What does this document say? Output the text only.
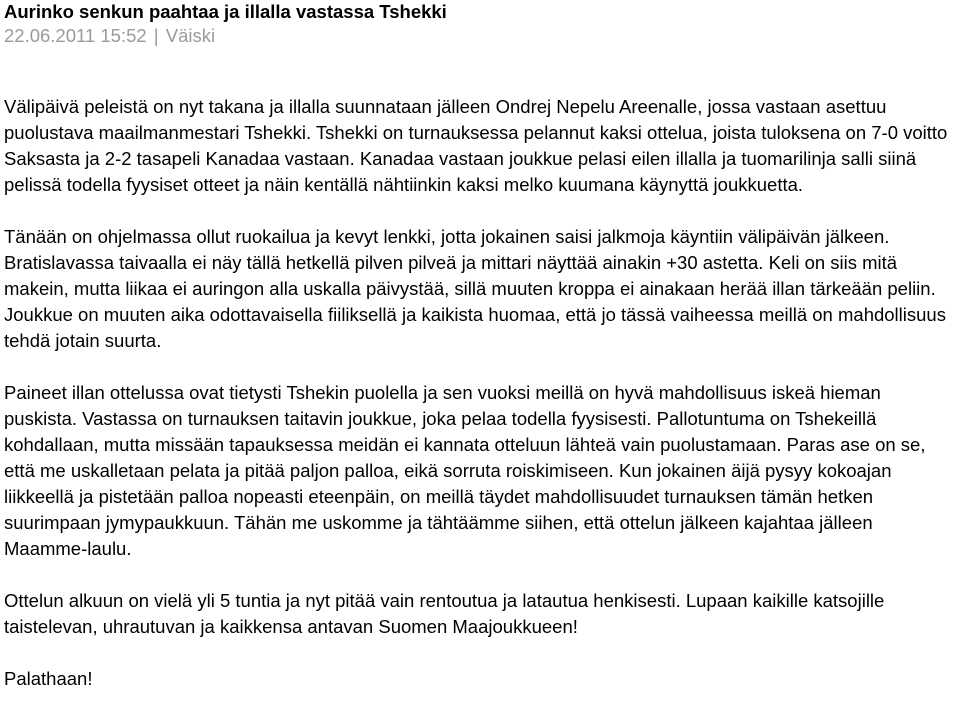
Aurinko senkun paahtaa ja illalla vastassa Tshekki
22.06.2011 15:52 | Väiski

Välipäivä peleistä on nyt takana ja illalla suunnataan jälleen Ondrej Nepelu Areenalle, jossa vastaan asettuu puolustava maailmanmestari Tshekki. Tshekki on turnauksessa pelannut kaksi ottelua, joista tuloksena on 7-0 voitto Saksasta ja 2-2 tasapeli Kanadaa vastaan. Kanadaa vastaan joukkue pelasi eilen illalla ja tuomarilinja salli siinä pelissä todella fyysiset otteet ja näin kentällä nähtiinkin kaksi melko kuumana käynyttä joukkuetta.

Tänään on ohjelmassa ollut ruokailua ja kevyt lenkki, jotta jokainen saisi jalkmoja käyntiin välipäivän jälkeen. Bratislavassa taivaalla ei näy tällä hetkellä pilven pilveä ja mittari näyttää ainakin +30 astetta. Keli on siis mitä makein, mutta liikaa ei auringon alla uskalla päivystää, sillä muuten kroppa ei ainakaan herää illan tärkeään peliin. Joukkue on muuten aika odottavaisella fiiliksellä ja kaikista huomaa, että jo tässä vaiheessa meillä on mahdollisuus tehdä jotain suurta.

Paineet illan ottelussa ovat tietysti Tshekin puolella ja sen vuoksi meillä on hyvä mahdollisuus iskeä hieman puskista. Vastassa on turnauksen taitavin joukkue, joka pelaa todella fyysisesti. Pallotuntuma on Tshekeillä kohdallaan, mutta missään tapauksessa meidän ei kannata otteluun lähteä vain puolustamaan. Paras ase on se, että me uskalletaan pelata ja pitää paljon palloa, eikä sorruta roiskimiseen. Kun jokainen äijä pysyy kokoajan liikkeellä ja pistetään palloa nopeasti eteenpäin, on meillä täydet mahdollisuudet turnauksen tämän hetken suurimpaan jymypaukkuun. Tähän me uskomme ja tähtäämme siihen, että ottelun jälkeen kajahtaa jälleen Maamme-laulu.

Ottelun alkuun on vielä yli 5 tuntia ja nyt pitää vain rentoutua ja latautua henkisesti. Lupaan kaikille katsojille taistelevan, uhrautuvan ja kaikkensa antavan Suomen Maajoukkueen!

Palathaan!
